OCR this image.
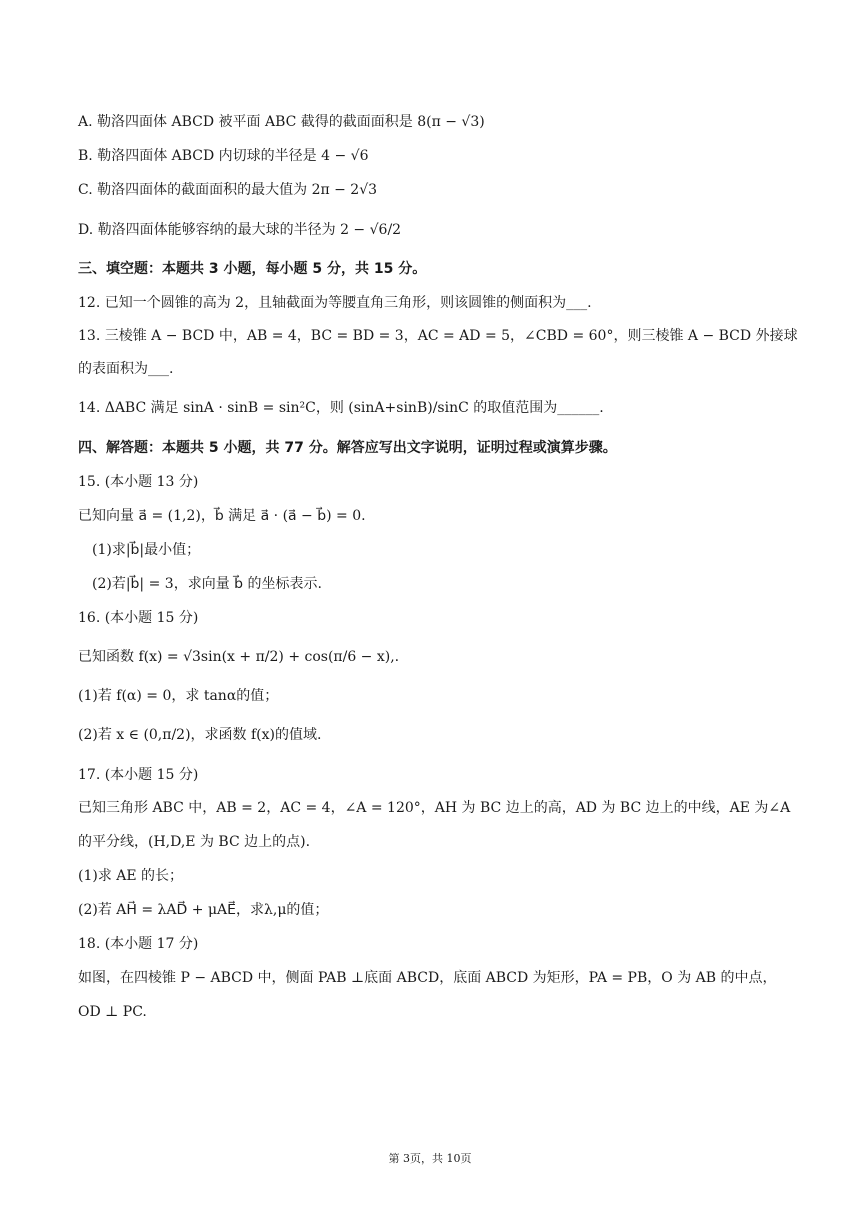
A. 勒洛四面体 ABCD 被平面 ABC 截得的截面面积是 8(π − √3)
B. 勒洛四面体 ABCD 内切球的半径是 4 − √6
C. 勒洛四面体的截面面积的最大值为 2π − 2√3
D. 勒洛四面体能够容纳的最大球的半径为 2 − √6/2
三、填空题：本题共 3 小题，每小题 5 分，共 15 分。
12. 已知一个圆锥的高为 2，且轴截面为等腰直角三角形，则该圆锥的侧面积为___.
13. 三棱锥 A − BCD 中，AB = 4，BC = BD = 3，AC = AD = 5，∠CBD = 60°，则三棱锥 A − BCD 外接球
的表面积为___.
14. ΔABC 满足 sinA · sinB = sin²C，则 (sinA+sinB)/sinC 的取值范围为______.
四、解答题：本题共 5 小题，共 77 分。解答应写出文字说明，证明过程或演算步骤。
15. (本小题 13 分)
已知向量 a⃗ = (1,2)，b⃗ 满足 a⃗ · (a⃗ − b⃗) = 0.
(1)求|b⃗|最小值；
(2)若|b⃗| = 3，求向量 b⃗ 的坐标表示.
16. (本小题 15 分)
已知函数 f(x) = √3sin(x + π/2) + cos(π/6 − x),.
(1)若 f(α) = 0，求 tanα的值；
(2)若 x ∈ (0,π/2)，求函数 f(x)的值域.
17. (本小题 15 分)
已知三角形 ABC 中，AB = 2，AC = 4，∠A = 120°，AH 为 BC 边上的高，AD 为 BC 边上的中线，AE 为∠A
的平分线，(H,D,E 为 BC 边上的点).
(1)求 AE 的长；
(2)若 AH⃗ = λAD⃗ + μAE⃗，求λ,μ的值；
18. (本小题 17 分)
如图，在四棱锥 P − ABCD 中，侧面 PAB ⊥底面 ABCD，底面 ABCD 为矩形，PA = PB，O 为 AB 的中点，
OD ⊥ PC.
第 3页，共 10页
